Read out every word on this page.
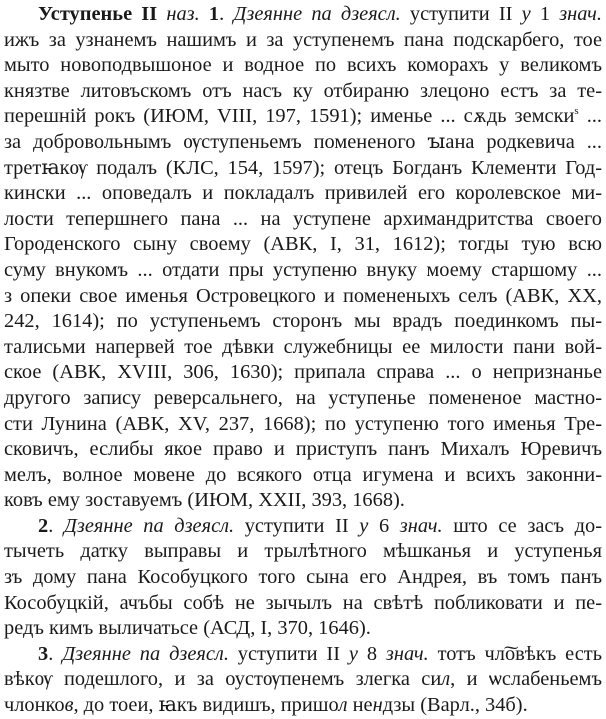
Уступенье II наз. 1. Дзеянне па дзеясл. уступити II у 1 знач.
ижъ за узнанемъ нашимъ и за уступенемъ пана подскарбего, тое
мыто новоподвышоное и водное по всихъ коморахъ у великомъ
князтве литовъскомъ отъ насъ ку отбираню злецоно естъ за те-
перешній рокъ (ИЮМ, VIII, 197, 1591); именье ... сѫдь земски$^s$ ...
за добровольнымъ ѹступеньемъ помененого ꙑана родкевича ...
третꙗкѹ подалъ (КЛС, 154, 1597); отецъ Богданъ Клементи Год-
кински ... оповедалъ и покладалъ привилей его королевское ми-
лости тепершнего пана ... на уступене архимандритства своего
Городенского сыну своему (АВК, I, 31, 1612); тогды тую всю
суму внукомъ ... отдати пры уступеню внуку моему старшому ...
з опеки свое именья Островецкого и помененыхъ селъ (АВК, XX,
242, 1614); по уступеньемъ сторонъ мы врадъ поединкомъ пы-
талисьми напервей тое дѣвки служебницы ее милости пани вой-
ское (АВК, XVIII, 306, 1630); припала справа ... о непризнанье
другого запису реверсальнего, на уступенье помененое мастно-
сти Лунина (АВК, XV, 237, 1668); по уступеню того именья Тре-
сковичъ, еслибы якое право и приступъ панъ Михалъ Юревичъ
мелъ, волное мовене до всякого отца игумена и всихъ законни-
ковъ ему зоставуемъ (ИЮМ, XXII, 393, 1668).
2. Дзеянне па дзеясл. уступити II у 6 знач. што се засъ до-
тычеть датку выправы и трылѣтного мѣшканья и уступенья
зъ дому пана Кособуцкого того сына его Андрея, въ томъ панъ
Кособуцкій, ачъбы собѣ не зычылъ на свѣтѣ побликовати и пе-
редъ кимъ выличатьсе (АСД, I, 370, 1646).
3. Дзеянне па дзеясл. уступити II у 8 знач. тотъ чл͠овѣкъ есть
вѣкѹ подешлого, и за оустѹпенемъ злегка сил, и ѡслабеньемъ
члонков, до тоеи, ꙗкъ видишъ, пришол нендзы (Варл., 34б).
